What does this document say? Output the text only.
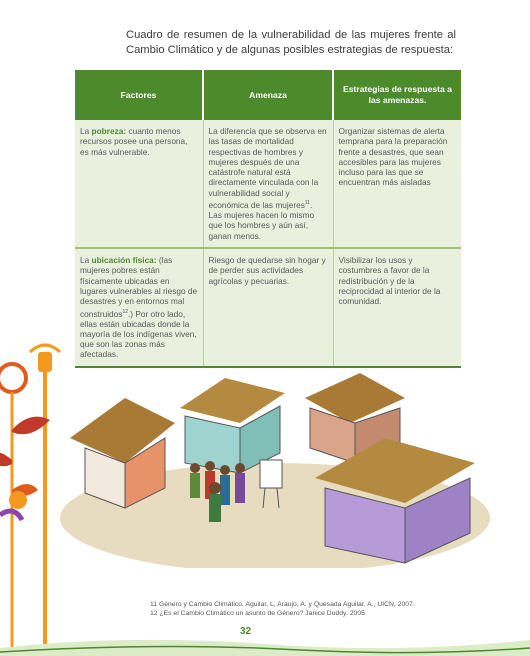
Cuadro de resumen de la vulnerabilidad de las mujeres frente al Cambio Climático y de algunas posibles estrategias de respuesta:
Factores	Amenaza	Estrategias de respuesta a las amenazas.
La pobreza: cuanto menos recursos posee una persona, es más vulnerable.	La diferencia que se observa en las tasas de mortalidad respectivas de hombres y mujeres después de una catástrofe natural está directamente vinculada con la vulnerabilidad social y económica de las mujeres$^{11}$. Las mujeres hacen lo mismo que los hombres y aún así, ganan menos.	Organizar sistemas de alerta temprana para la preparación frente a desastres, que sean accesibles para las mujeres incluso para las que se encuentran más aisladas
La ubicación física: (las mujeres pobres están físicamente ubicadas en lugares vulnerables al riesgo de desastres y en entornos mal construidos$^{12}$.) Por otro lado, ellas están ubicadas donde la mayoría de los indígenas viven, que son las zonas más afectadas.	Riesgo de quedarse sin hogar y de perder sus actividades agrícolas y pecuarias.	Visibilizar los usos y costumbres a favor de la redistribución y de la reciprocidad al interior de la comunidad.
11 Género y Cambio Climático. Aguilar, L, Araujo, A. y Quesada Aguilar, A., UICN, 2007.
12 ¿Es el Cambio Climático un asunto de Género? Janice Duddy. 2005
32
